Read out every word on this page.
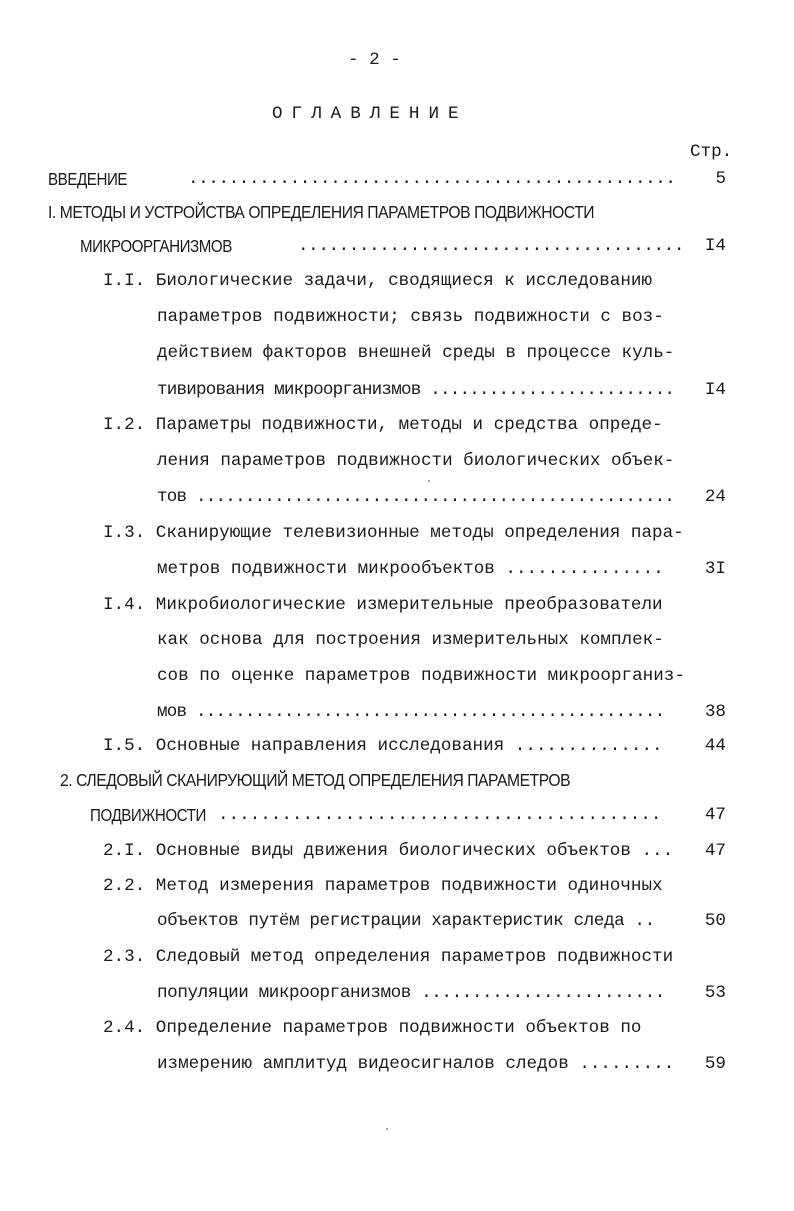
- 2 -
ОГЛАВЛЕНИЕ
Стр.
ВВЕДЕНИЕ	................................................ 5
I. МЕТОДЫ И УСТРОЙСТВА ОПРЕДЕЛЕНИЯ ПАРАМЕТРОВ ПОДВИЖНОСТИ
МИКРООРГАНИЗМОВ	...................................... I4
I.I. Биологические задачи, сводящиеся к исследованию
параметров подвижности; связь подвижности с воз-
действием факторов внешней среды в процессе куль-
тивирования микроорганизмов ......................... I4
I.2. Параметры подвижности, методы и средства опреде-
ления параметров подвижности биологических объек-
тов ................................................. 24
I.3. Сканирующие телевизионные методы определения пара-
метров подвижности микрообъектов ............... 3I
I.4. Микробиологические измерительные преобразователи
как основа для построения измерительных комплек-
сов по оценке параметров подвижности микроорганиз-
мов ................................................ 38
I.5. Основные направления исследования .............. 44
2. СЛЕДОВЫЙ СКАНИРУЮЩИЙ МЕТОД ОПРЕДЕЛЕНИЯ ПАРАМЕТРОВ
ПОДВИЖНОСТИ .......................................... 47
2.I. Основные виды движения биологических объектов ... 47
2.2. Метод измерения параметров подвижности одиночных
объектов путём регистрации характеристик следа ..	50
2.3. Следовый метод определения параметров подвижности
популяции микроорганизмов ........................ 53
2.4. Определение параметров подвижности объектов по
измерению амплитуд видеосигналов следов ......... 59
